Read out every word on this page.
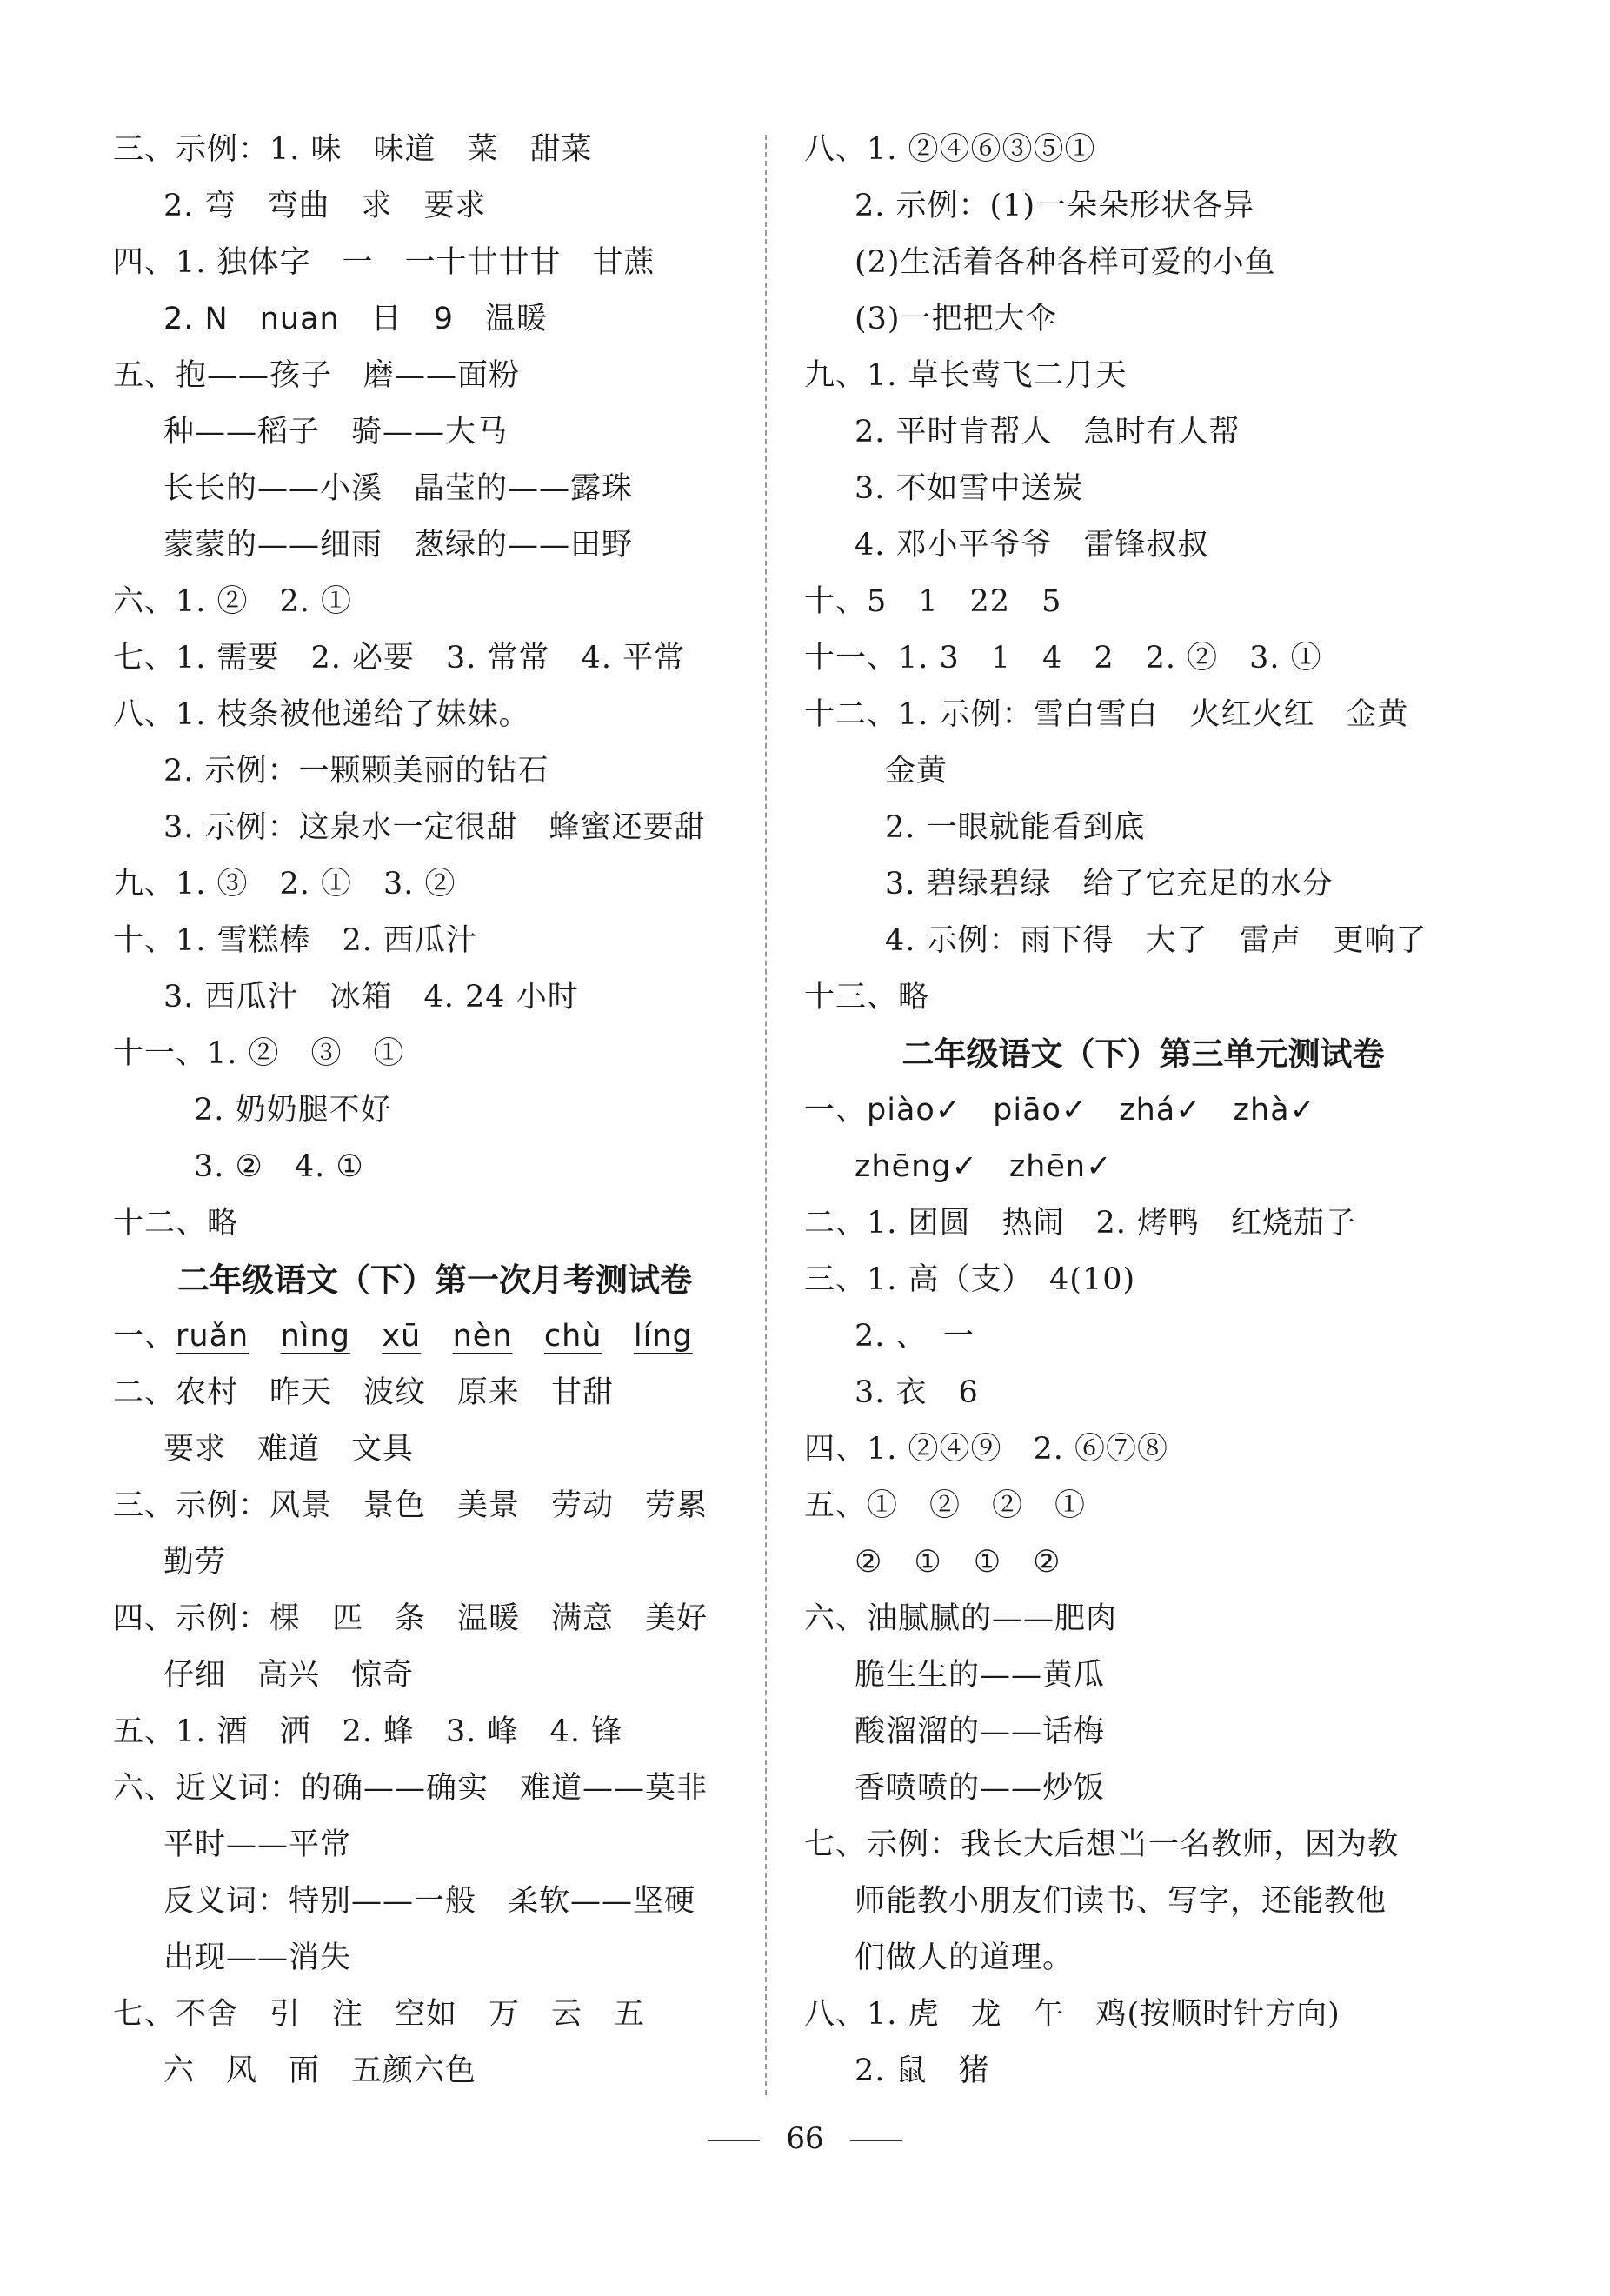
三、示例：1. 味　味道　菜　甜菜
2. 弯　弯曲　求　要求
四、1. 独体字　一　一十廿廿甘　甘蔗
2. N　nuan　日　9　温暖
五、抱——孩子　磨——面粉
种——稻子　骑——大马
长长的——小溪　晶莹的——露珠
蒙蒙的——细雨　葱绿的——田野
六、1. ②　2. ①
七、1. 需要　2. 必要　3. 常常　4. 平常
八、1. 枝条被他递给了妹妹。
2. 示例：一颗颗美丽的钻石
3. 示例：这泉水一定很甜　蜂蜜还要甜
九、1. ③　2. ①　3. ②
十、1. 雪糕棒　2. 西瓜汁
3. 西瓜汁　冰箱　4. 24 小时
十一、1. ②　③　①
2. 奶奶腿不好
3. ②　4. ①
十二、略
二年级语文（下）第一次月考测试卷
一、ruǎn nìng xū nèn chù líng
二、农村　昨天　波纹　原来　甘甜
要求　难道　文具
三、示例：风景　景色　美景　劳动　劳累
勤劳
四、示例：棵　匹　条　温暖　满意　美好
仔细　高兴　惊奇
五、1. 酒　洒　2. 蜂　3. 峰　4. 锋
六、近义词：的确——确实　难道——莫非
平时——平常
反义词：特别——一般　柔软——坚硬
出现——消失
七、不舍　引　注　空如　万　云　五
六　风　面　五颜六色
八、1. ②④⑥③⑤①
2. 示例：(1)一朵朵形状各异
(2)生活着各种各样可爱的小鱼
(3)一把把大伞
九、1. 草长莺飞二月天
2. 平时肯帮人　急时有人帮
3. 不如雪中送炭
4. 邓小平爷爷　雷锋叔叔
十、5　1　22　5
十一、1. 3　1　4　2　2. ②　3. ①
十二、1. 示例：雪白雪白　火红火红　金黄
金黄
2. 一眼就能看到底
3. 碧绿碧绿　给了它充足的水分
4. 示例：雨下得　大了　雷声　更响了
十三、略
二年级语文（下）第三单元测试卷
一、piào✓　piāo✓　zhá✓　zhà✓
zhēng✓　zhēn✓
二、1. 团圆　热闹　2. 烤鸭　红烧茄子
三、1. 高（支）　4(10)
2. 、　一
3. 衣　6
四、1. ②④⑨　2. ⑥⑦⑧
五、①　②　②　①
②　①　①　②
六、油腻腻的——肥肉
脆生生的——黄瓜
酸溜溜的——话梅
香喷喷的——炒饭
七、示例：我长大后想当一名教师，因为教
师能教小朋友们读书、写字，还能教他
们做人的道理。
八、1. 虎　龙　午　鸡(按顺时针方向)
2. 鼠　猪
66
